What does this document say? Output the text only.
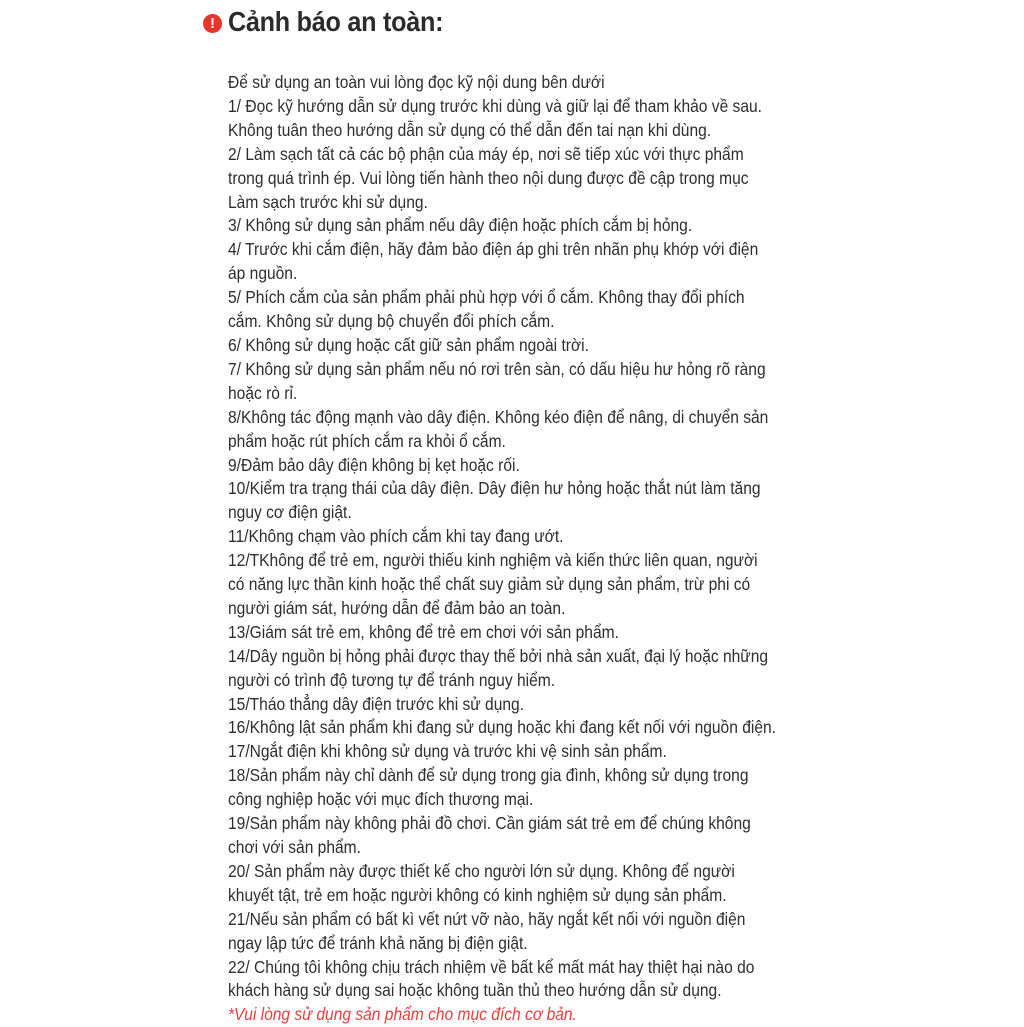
! Cảnh báo an toàn:
Để sử dụng an toàn vui lòng đọc kỹ nội dung bên dưới
1/ Đọc kỹ hướng dẫn sử dụng trước khi dùng và giữ lại để tham khảo về sau.
Không tuân theo hướng dẫn sử dụng có thể dẫn đến tai nạn khi dùng.
2/ Làm sạch tất cả các bộ phận của máy ép, nơi sẽ tiếp xúc với thực phẩm
trong quá trình ép. Vui lòng tiến hành theo nội dung được đề cập trong mục
Làm sạch trước khi sử dụng.
3/ Không sử dụng sản phẩm nếu dây điện hoặc phích cắm bị hỏng.
4/ Trước khi cắm điện, hãy đảm bảo điện áp ghi trên nhãn phụ khớp với điện
áp nguồn.
5/ Phích cắm của sản phẩm phải phù hợp với ổ cắm. Không thay đổi phích
cắm. Không sử dụng bộ chuyển đổi phích cắm.
6/ Không sử dụng hoặc cất giữ sản phẩm ngoài trời.
7/ Không sử dụng sản phẩm nếu nó rơi trên sàn, có dấu hiệu hư hỏng rõ ràng
hoặc rò rỉ.
8/Không tác động mạnh vào dây điện. Không kéo điện để nâng, di chuyển sản
phẩm hoặc rút phích cắm ra khỏi ổ cắm.
9/Đảm bảo dây điện không bị kẹt hoặc rối.
10/Kiểm tra trạng thái của dây điện. Dây điện hư hỏng hoặc thắt nút làm tăng
nguy cơ điện giật.
11/Không chạm vào phích cắm khi tay đang ướt.
12/TKhông để trẻ em, người thiếu kinh nghiệm và kiến thức liên quan, người
có năng lực thần kinh hoặc thể chất suy giảm sử dụng sản phẩm, trừ phi có
người giám sát, hướng dẫn để đảm bảo an toàn.
13/Giám sát trẻ em, không để trẻ em chơi với sản phẩm.
14/Dây nguồn bị hỏng phải được thay thế bởi nhà sản xuất, đại lý hoặc những
người có trình độ tương tự để tránh nguy hiểm.
15/Tháo thẳng dây điện trước khi sử dụng.
16/Không lật sản phẩm khi đang sử dụng hoặc khi đang kết nối với nguồn điện.
17/Ngắt điện khi không sử dụng và trước khi vệ sinh sản phẩm.
18/Sản phẩm này chỉ dành để sử dụng trong gia đình, không sử dụng trong
công nghiệp hoặc với mục đích thương mại.
19/Sản phẩm này không phải đồ chơi. Cần giám sát trẻ em để chúng không
chơi với sản phẩm.
20/ Sản phẩm này được thiết kế cho người lớn sử dụng. Không để người
khuyết tật, trẻ em hoặc người không có kinh nghiệm sử dụng sản phẩm.
21/Nếu sản phẩm có bất kì vết nứt vỡ nào, hãy ngắt kết nối với nguồn điện
ngay lập tức để tránh khả năng bị điện giật.
22/ Chúng tôi không chịu trách nhiệm về bất kể mất mát hay thiệt hại nào do
khách hàng sử dụng sai hoặc không tuần thủ theo hướng dẫn sử dụng.
*Vui lòng sử dụng sản phẩm cho mục đích cơ bản.
